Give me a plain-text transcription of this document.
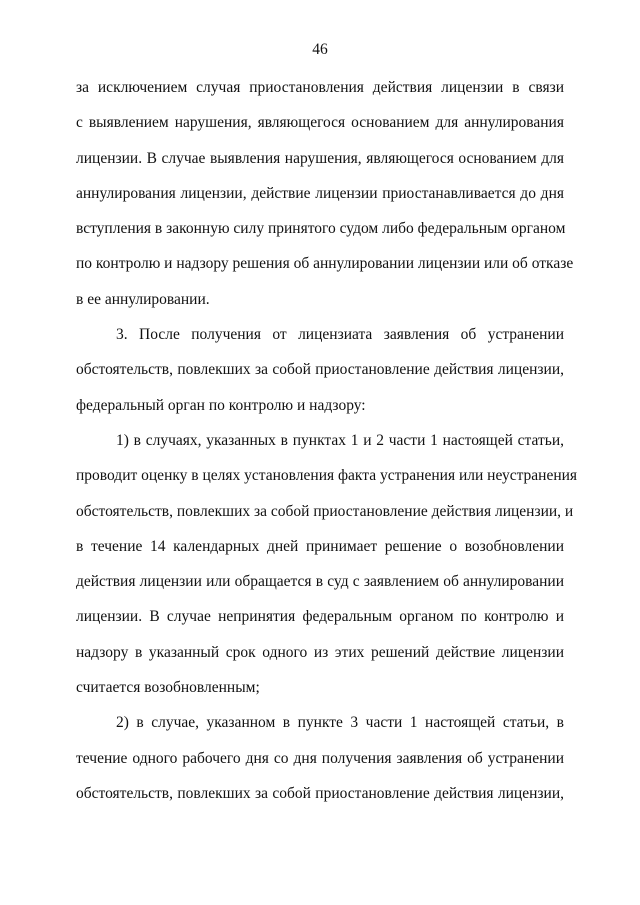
46
за исключением случая приостановления действия лицензии в связи
с выявлением нарушения, являющегося основанием для аннулирования
лицензии. В случае выявления нарушения, являющегося основанием для
аннулирования лицензии, действие лицензии приостанавливается до дня
вступления в законную силу принятого судом либо федеральным органом
по контролю и надзору решения об аннулировании лицензии или об отказе
в ее аннулировании.
3. После получения от лицензиата заявления об устранении
обстоятельств, повлекших за собой приостановление действия лицензии,
федеральный орган по контролю и надзору:
1) в случаях, указанных в пунктах 1 и 2 части 1 настоящей статьи,
проводит оценку в целях установления факта устранения или неустранения
обстоятельств, повлекших за собой приостановление действия лицензии, и
в течение 14 календарных дней принимает решение о возобновлении
действия лицензии или обращается в суд с заявлением об аннулировании
лицензии. В случае непринятия федеральным органом по контролю и
надзору в указанный срок одного из этих решений действие лицензии
считается возобновленным;
2) в случае, указанном в пункте 3 части 1 настоящей статьи, в
течение одного рабочего дня со дня получения заявления об устранении
обстоятельств, повлекших за собой приостановление действия лицензии,
